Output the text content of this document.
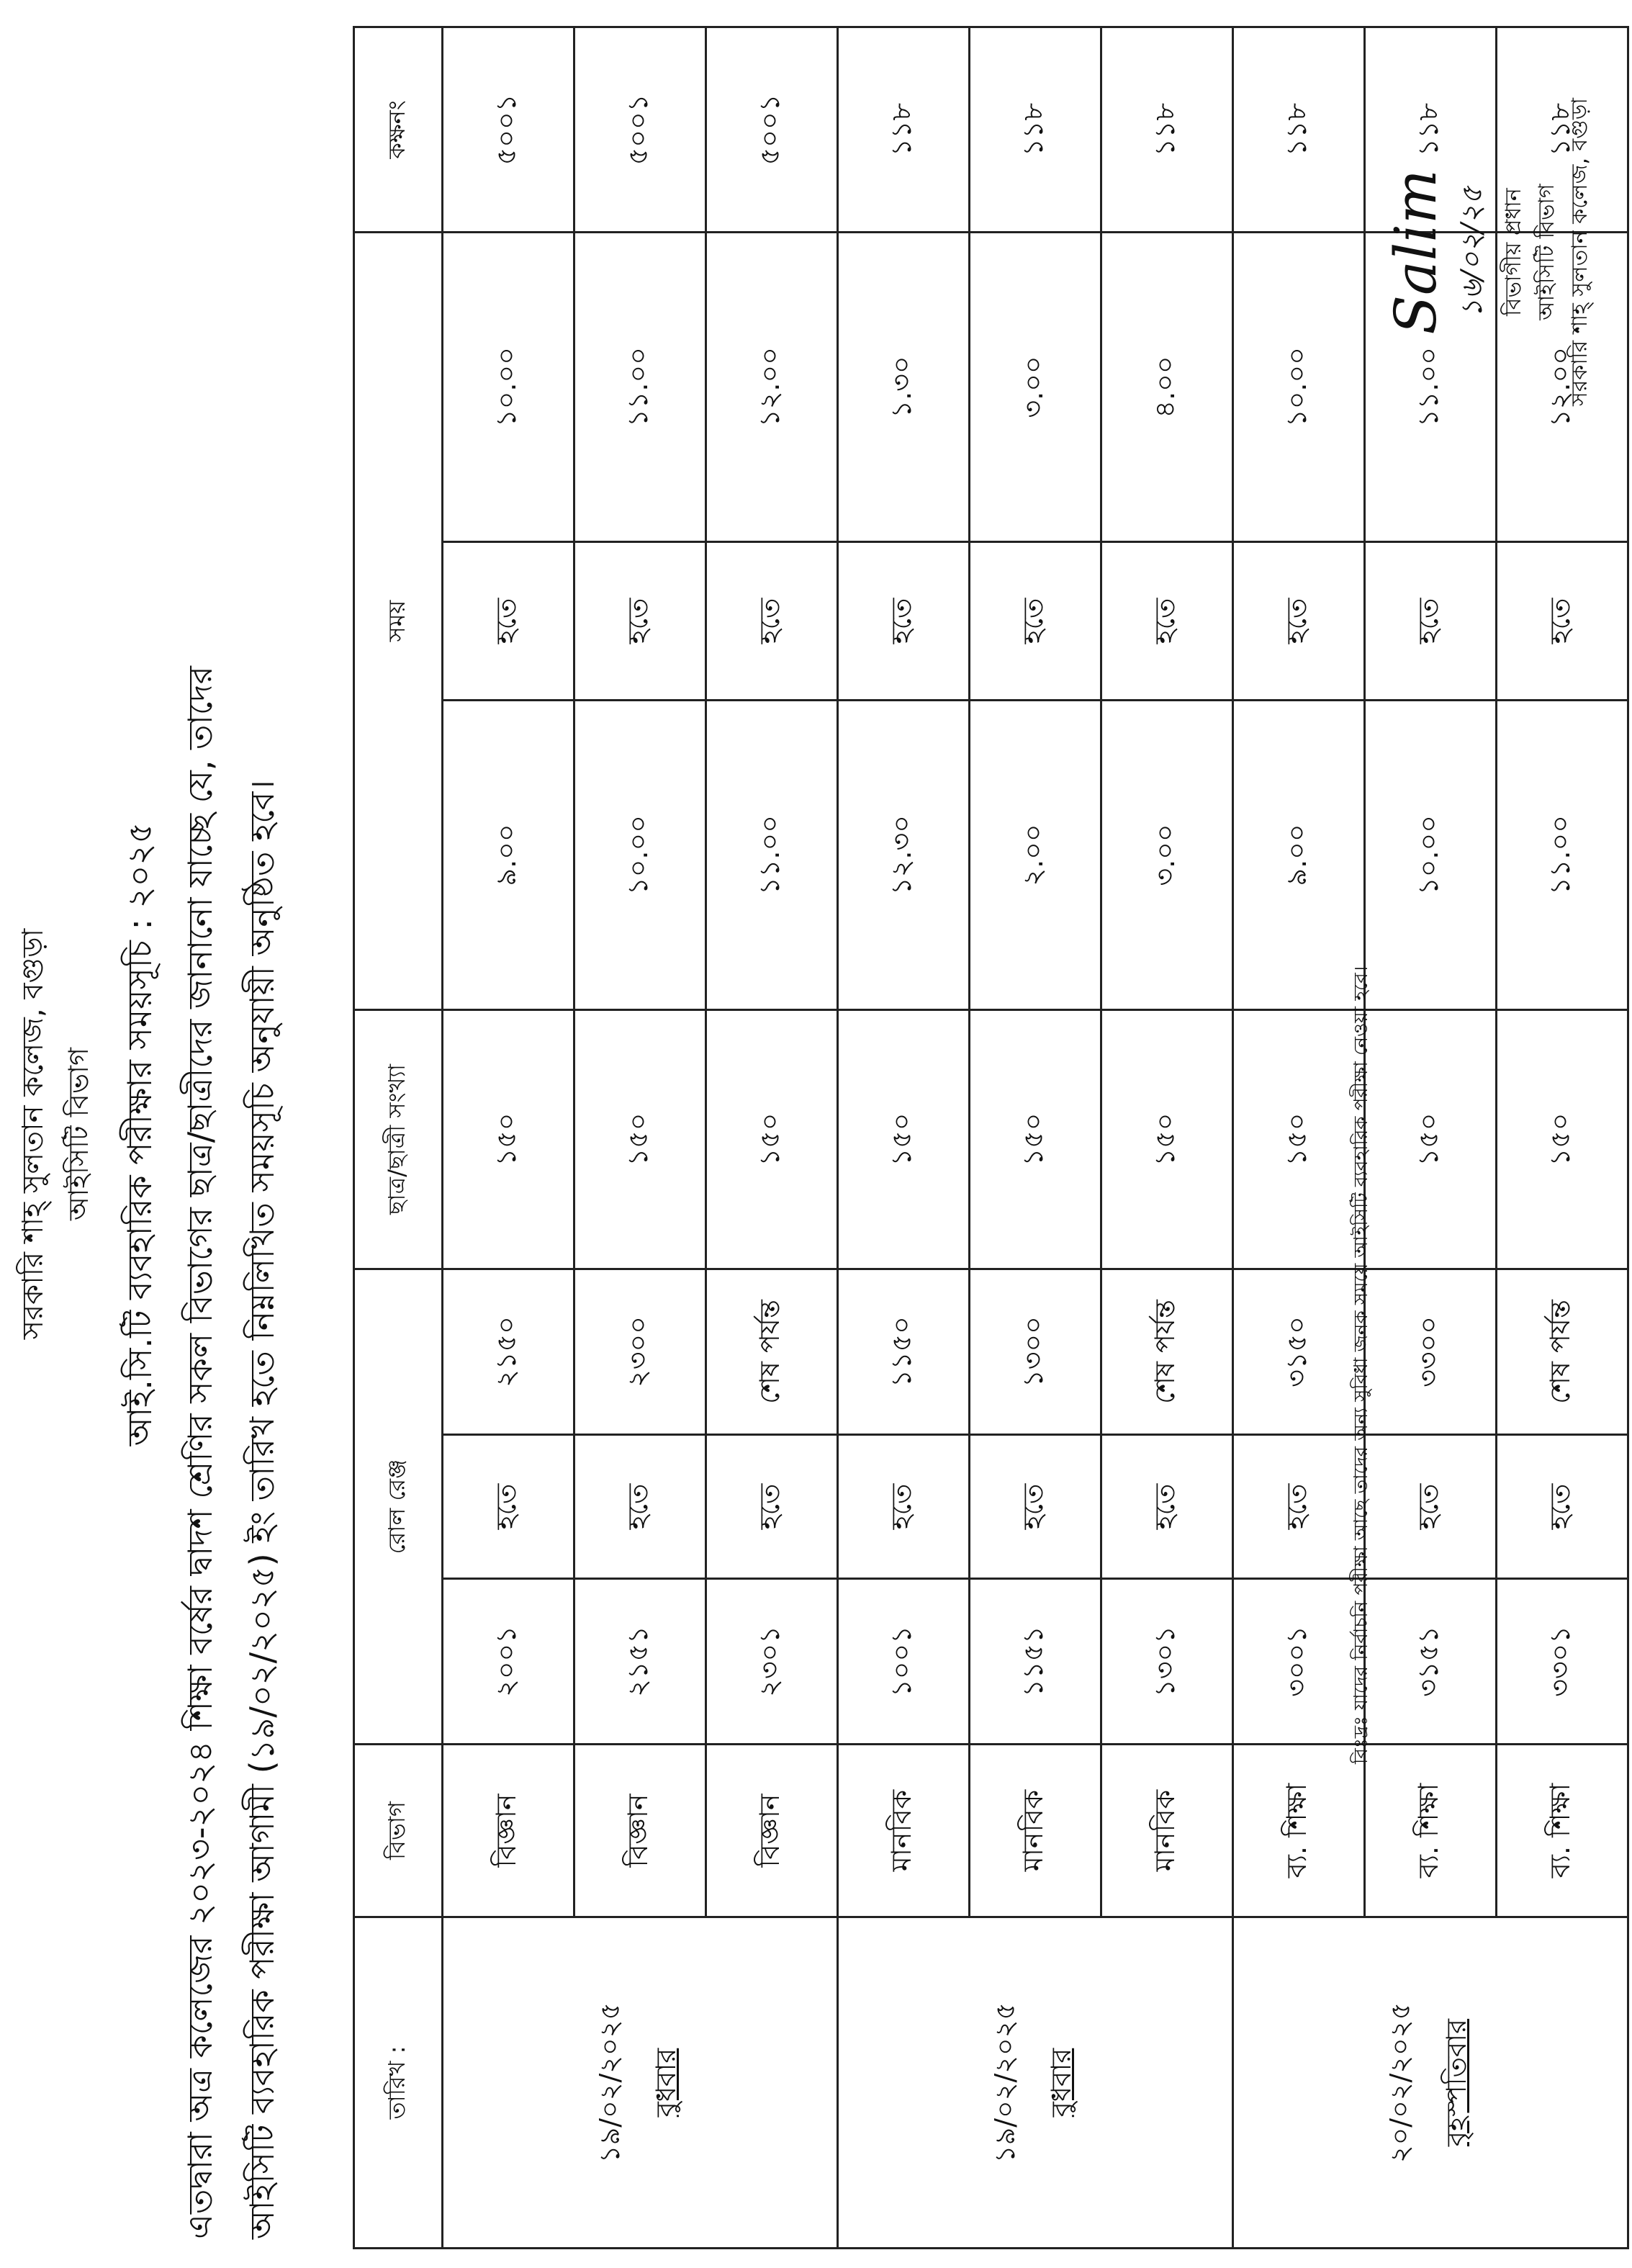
সরকারি শাহ্ সুলতান কলেজ, বগুড়া আইসিটি বিভাগ আই.সি.টি ব্যবহারিক পরীক্ষার সময়সূচি : ২০২৫ এতদ্বারা অত্র কলেজের ২০২৩-২০২৪ শিক্ষা বর্ষের দ্বাদশ শ্রেণির সকল বিভাগের ছাত্র/ছাত্রীদের জানানো যাচ্ছে যে, তাদের আইসিটি ব্যবহারিক পরীক্ষা আগামী (১৯/০২/২০২৫) ইং তারিখ হতে নিম্নলিখিত সময়সূচি অনুযায়ী অনুষ্ঠিত হবে।	তারিখ :	বিভাগ	রোল রেঞ্জ			ছাত্র/ছাত্রী সংখ্যা	সময়			কক্ষনং

১৯/০২/২০২৫ বুধবার	বিজ্ঞান	২০০১	হতে	২১৫০	১৫০	৯.০০	হতে	১০.০০	৫০০১
	বিজ্ঞান	২১৫১	হতে	২৩০০	১৫০	১০.০০	হতে	১১.০০	৫০০১
	বিজ্ঞান	২৩০১	হতে	শেষ পর্যন্ত	১৫০	১১.০০	হতে	১২.০০	৫০০১

১৯/০২/২০২৫ বুধবার	মানবিক	১০০১	হতে	১১৫০	১৫০	১২.৩০	হতে	১.৩০	১১৮
	মানবিক	১১৫১	হতে	১৩০০	১৫০	২.০০	হতে	৩.০০	১১৮
	মানবিক	১৩০১	হতে	শেষ পর্যন্ত	১৫০	৩.০০	হতে	৪.০০	১১৮

২০/০২/২০২৫ বৃহস্পতিবার	ব্য. শিক্ষা	৩০০১	হতে	৩১৫০	১৫০	৯.০০	হতে	১০.০০	১১৮
	ব্য. শিক্ষা	৩১৫১	হতে	৩৩০০	১৫০	১০.০০	হতে	১১.০০	১১৮
	ব্য. শিক্ষা	৩৩০১	হতে	শেষ পর্যন্ত	১৫০	১১.০০	হতে	১২.০০	১১৮
বিঃদ্রঃ যাদের নির্বাচনি পরীক্ষা আছে তাদের অন্য সুবিধা জনক সময়ে আইসিটি ব্যবহারিক পরীক্ষা নেওয়া হবে।
Salim ১৬/০২/২৫ বিভাগীয় প্রধান আইসিটি বিভাগ সরকারি শাহ্ সুলতান কলেজ, বগুড়া
